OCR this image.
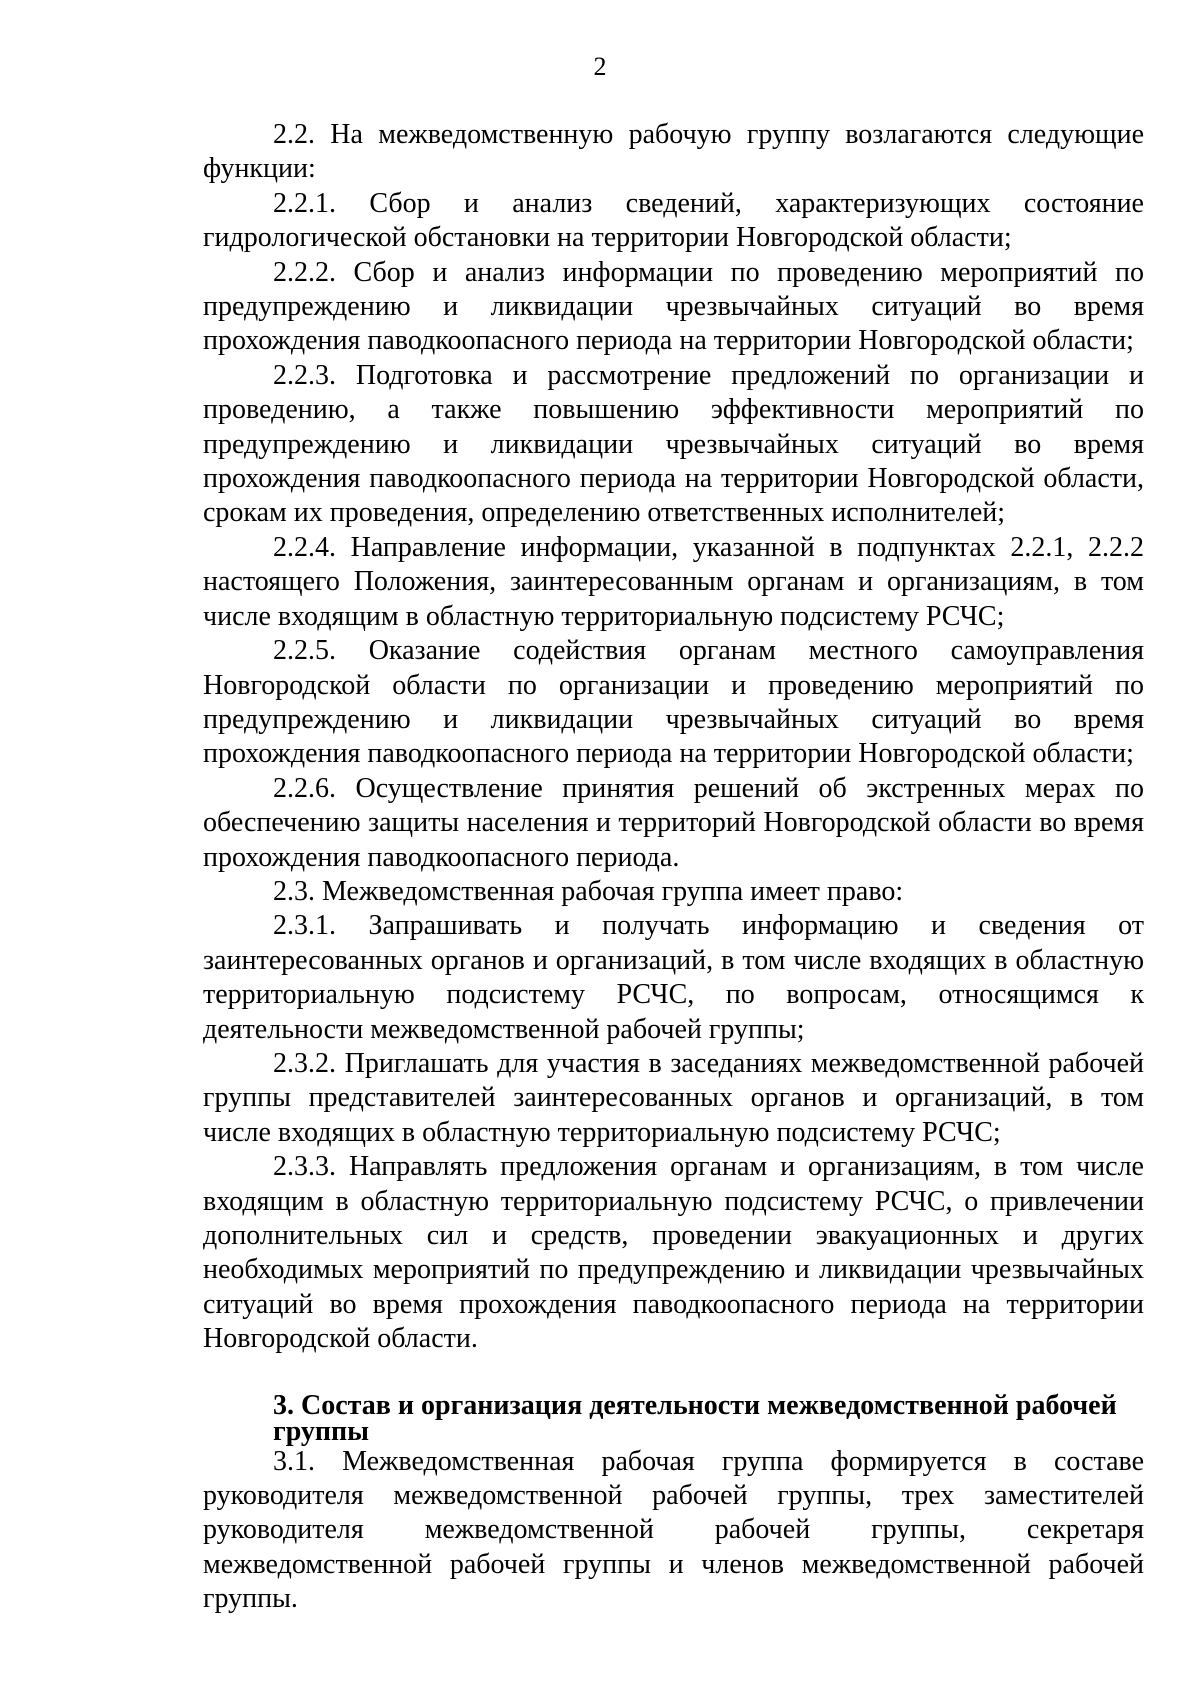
2

2.2. На межведомственную рабочую группу возлагаются следующие функции:

2.2.1. Сбор и анализ сведений, характеризующих состояние гидрологической обстановки на территории Новгородской области;

2.2.2. Сбор и анализ информации по проведению мероприятий по предупреждению и ликвидации чрезвычайных ситуаций во время прохождения паводкоопасного периода на территории Новгородской области;

2.2.3. Подготовка и рассмотрение предложений по организации и проведению, а также повышению эффективности мероприятий по предупреждению и ликвидации чрезвычайных ситуаций во время прохождения паводкоопасного периода на территории Новгородской области, срокам их проведения, определению ответственных исполнителей;

2.2.4. Направление информации, указанной в подпунктах 2.2.1, 2.2.2 настоящего Положения, заинтересованным органам и организациям, в том числе входящим в областную территориальную подсистему РСЧС;

2.2.5. Оказание содействия органам местного самоуправления Новгородской области по организации и проведению мероприятий по предупреждению и ликвидации чрезвычайных ситуаций во время прохождения паводкоопасного периода на территории Новгородской области;

2.2.6. Осуществление принятия решений об экстренных мерах по обеспечению защиты населения и территорий Новгородской области во время прохождения паводкоопасного периода.

2.3. Межведомственная рабочая группа имеет право:

2.3.1. Запрашивать и получать информацию и сведения от заинтересованных органов и организаций, в том числе входящих в областную территориальную подсистему РСЧС, по вопросам, относящимся к деятельности межведомственной рабочей группы;

2.3.2. Приглашать для участия в заседаниях межведомственной рабочей группы представителей заинтересованных органов и организаций, в том числе входящих в областную территориальную подсистему РСЧС;

2.3.3. Направлять предложения органам и организациям, в том числе входящим в областную территориальную подсистему РСЧС, о привлечении дополнительных сил и средств, проведении эвакуационных и других необходимых мероприятий по предупреждению и ликвидации чрезвычайных ситуаций во время прохождения паводкоопасного периода на территории Новгородской области.

3. Состав и организация деятельности межведомственной рабочей группы

3.1. Межведомственная рабочая группа формируется в составе руководителя межведомственной рабочей группы, трех заместителей руководителя межведомственной рабочей группы, секретаря межведомственной рабочей группы и членов межведомственной рабочей группы.
